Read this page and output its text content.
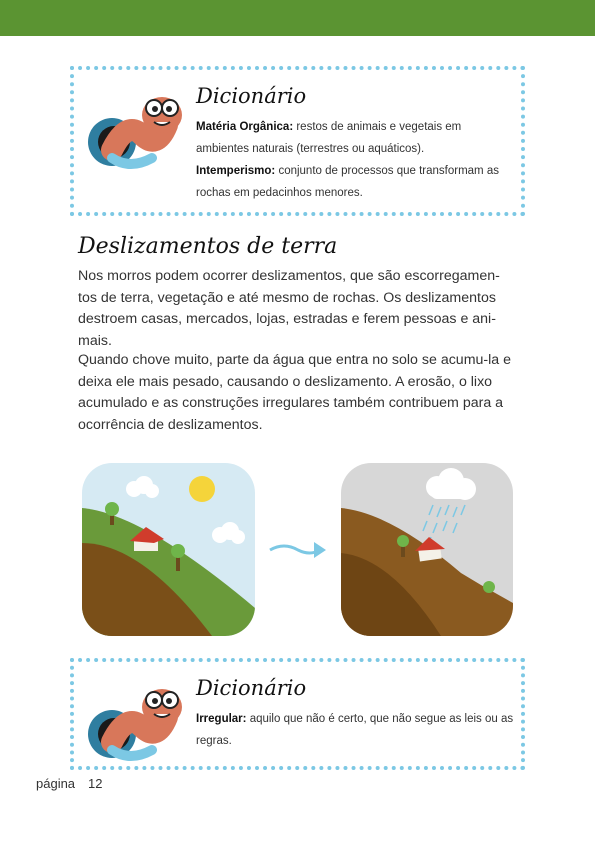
Dicionário
Matéria Orgânica: restos de animais e vegetais em ambientes naturais (terrestres ou aquáticos).
Intemperismo: conjunto de processos que transformam as rochas em pedacinhos menores.
Deslizamentos de terra

Nos morros podem ocorrer deslizamentos, que são escorregamen-tos de terra, vegetação e até mesmo de rochas. Os deslizamentos destroem casas, mercados, lojas, estradas e ferem pessoas e ani-mais.

Quando chove muito, parte da água que entra no solo se acumu-la e deixa ele mais pesado, causando o deslizamento. A erosão, o lixo acumulado e as construções irregulares também contribuem para a ocorrência de deslizamentos.

Dicionário
Irregular: aquilo que não é certo, que não segue as leis ou as regras.
página 12
